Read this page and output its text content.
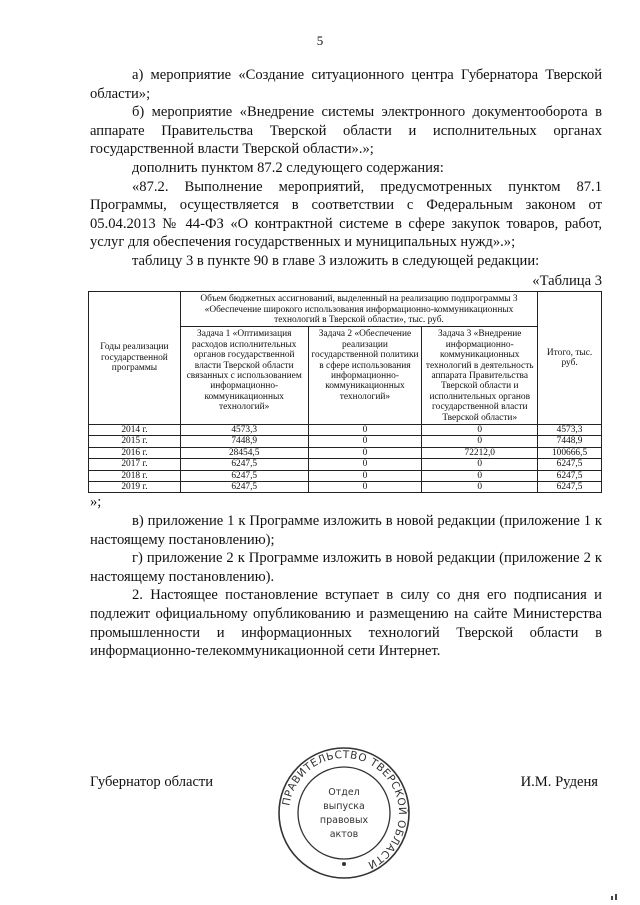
5

а) мероприятие «Создание ситуационного центра Губернатора Тверской области»;

б) мероприятие «Внедрение системы электронного документооборота в аппарате Правительства Тверской области и исполнительных органах государственной власти Тверской области».»;

дополнить пунктом 87.2 следующего содержания:

«87.2. Выполнение мероприятий, предусмотренных пунктом 87.1 Программы, осуществляется в соответствии с Федеральным законом от 05.04.2013 № 44-ФЗ «О контрактной системе в сфере закупок товаров, работ, услуг для обеспечения государственных и муниципальных нужд».»;

таблицу 3 в пункте 90 в главе 3 изложить в следующей редакции:

«Таблица 3

Годы реализации государственной программы	Объем бюджетных ассигнований, выделенный на реализацию подпрограммы 3 «Обеспечение широкого использования информационно-коммуникационных технологий в Тверской области», тыс. руб.			Итого, тыс. руб.
	Задача 1 «Оптимизация расходов исполнительных органов государственной власти Тверской области связанных с использованием информационно-коммуникационных технологий»	Задача 2 «Обеспечение реализации государственной политики в сфере использования информационно-коммуникационных технологий»	Задача 3 «Внедрение информационно-коммуникационных технологий в деятельность аппарата Правительства Тверской области и исполнительных органов государственной власти Тверской области»	
2014 г.	4573,3	0	0	4573,3
2015 г.	7448,9	0	0	7448,9
2016 г.	28454,5	0	72212,0	100666,5
2017 г.	6247,5	0	0	6247,5
2018 г.	6247,5	0	0	6247,5
2019 г.	6247,5	0	0	6247,5

»;

в) приложение 1 к Программе изложить в новой редакции (приложение 1 к настоящему постановлению);

г) приложение 2 к Программе изложить в новой редакции (приложение 2 к настоящему постановлению).

2. Настоящее постановление вступает в силу со дня его подписания и подлежит официальному опубликованию и размещению на сайте Министерства промышленности и информационных технологий Тверской области в информационно-телекоммуникационной сети Интернет.

Губернатор области	И.М. Руденя
ПРАВИТЕЛЬСТВО ТВЕРСКОЙ ОБЛАСТИ
Отдел
выпуска
правовых
актов
